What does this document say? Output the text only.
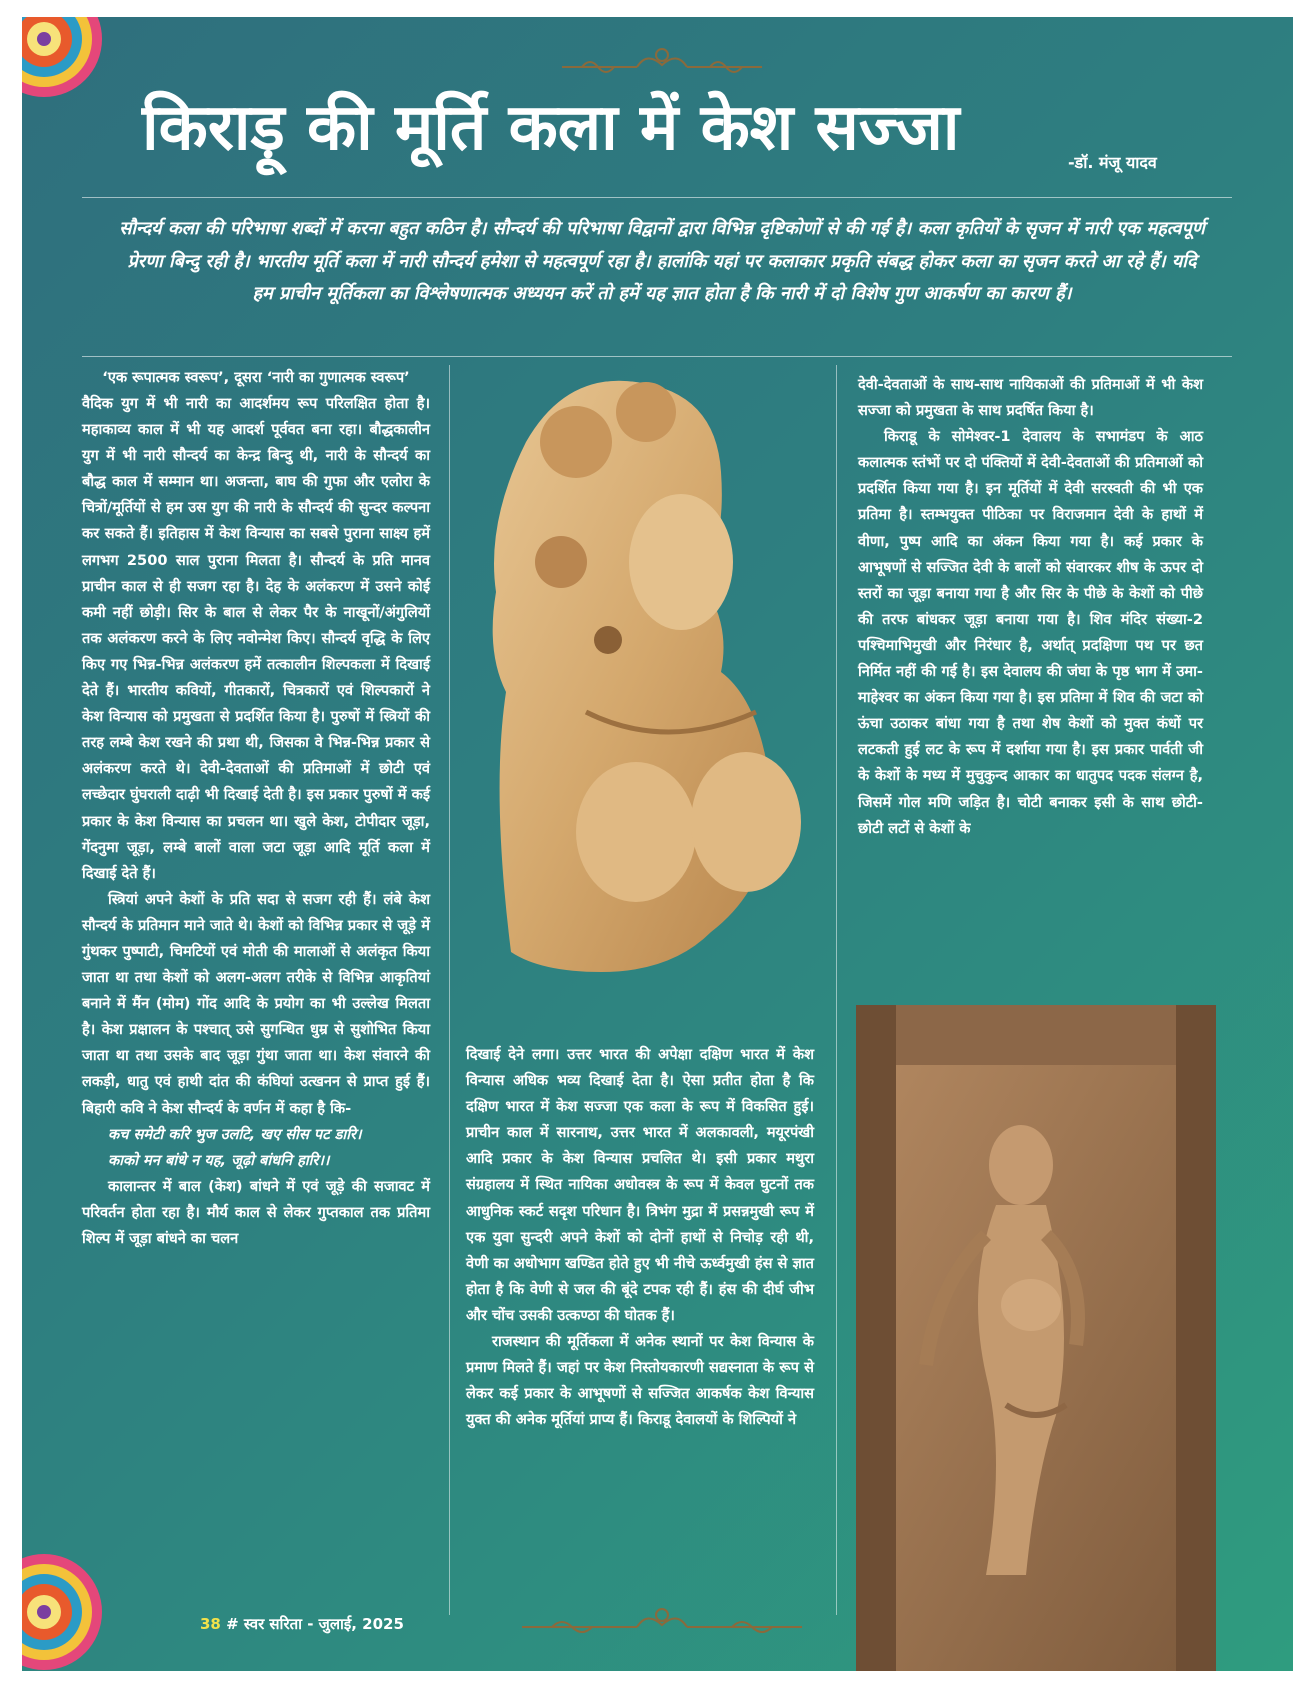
किराड़ू की मूर्ति कला में केश सज्जा	-डॉ. मंजू यादव

सौन्दर्य कला की परिभाषा शब्दों में करना बहुत कठिन है। सौन्दर्य की परिभाषा विद्वानों द्वारा विभिन्न दृष्टिकोणों से की गई है। कला कृतियों के सृजन में नारी एक महत्वपूर्ण प्रेरणा बिन्दु रही है। भारतीय मूर्ति कला में नारी सौन्दर्य हमेशा से महत्वपूर्ण रहा है। हालांकि यहां पर कलाकार प्रकृति संबद्ध होकर कला का सृजन करते आ रहे हैं। यदि हम प्राचीन मूर्तिकला का विश्लेषणात्मक अध्ययन करें तो हमें यह ज्ञात होता है कि नारी में दो विशेष गुण आकर्षण का कारण हैं।

‘एक रूपात्मक स्वरूप’, दूसरा ‘नारी का गुणात्मक स्वरूप’

वैदिक युग में भी नारी का आदर्शमय रूप परिलक्षित होता है। महाकाव्य काल में भी यह आदर्श पूर्ववत बना रहा। बौद्धकालीन युग में भी नारी सौन्दर्य का केन्द्र बिन्दु थी, नारी के सौन्दर्य का बौद्ध काल में सम्मान था। अजन्ता, बाघ की गुफा और एलोरा के चित्रों/मूर्तियों से हम उस युग की नारी के सौन्दर्य की सुन्दर कल्पना कर सकते हैं। इतिहास में केश विन्यास का सबसे पुराना साक्ष्य हमें लगभग 2500 साल पुराना मिलता है। सौन्दर्य के प्रति मानव प्राचीन काल से ही सजग रहा है। देह के अलंकरण में उसने कोई कमी नहीं छोड़ी। सिर के बाल से लेकर पैर के नाखूनों/अंगुलियों तक अलंकरण करने के लिए नवोन्मेश किए। सौन्दर्य वृद्धि के लिए किए गए भिन्न-भिन्न अलंकरण हमें तत्कालीन शिल्पकला में दिखाई देते हैं। भारतीय कवियों, गीतकारों, चित्रकारों एवं शिल्पकारों ने केश विन्यास को प्रमुखता से प्रदर्शित किया है। पुरुषों में स्त्रियों की तरह लम्बे केश रखने की प्रथा थी, जिसका वे भिन्न-भिन्न प्रकार से अलंकरण करते थे। देवी-देवताओं की प्रतिमाओं में छोटी एवं लच्छेदार घुंघराली दाढ़ी भी दिखाई देती है। इस प्रकार पुरुषों में कई प्रकार के केश विन्यास का प्रचलन था। खुले केश, टोपीदार जूड़ा, गेंदनुमा जूड़ा, लम्बे बालों वाला जटा जूड़ा आदि मूर्ति कला में दिखाई देते हैं।

स्त्रियां अपने केशों के प्रति सदा से सजग रही हैं। लंबे केश सौन्दर्य के प्रतिमान माने जाते थे। केशों को विभिन्न प्रकार से जूड़े में गुंथकर पुष्पाटी, चिमटियों एवं मोती की मालाओं से अलंकृत किया जाता था तथा केशों को अलग-अलग तरीके से विभिन्न आकृतियां बनाने में मैंन (मोम) गोंद आदि के प्रयोग का भी उल्लेख मिलता है। केश प्रक्षालन के पश्चात् उसे सुगन्धित धुम्र से सुशोभित किया जाता था तथा उसके बाद जूड़ा गुंथा जाता था। केश संवारने की लकड़ी, धातु एवं हाथी दांत की कंघियां उत्खनन से प्राप्त हुई हैं। बिहारी कवि ने केश सौन्दर्य के वर्णन में कहा है कि-

कच समेटी करि भुज उलटि, खए सीस पट डारि।

काको मन बांधे न यह, जूढ़ो बांधनि हारि।।

कालान्तर में बाल (केश) बांधने में एवं जूड़े की सजावट में परिवर्तन होता रहा है। मौर्य काल से लेकर गुप्तकाल तक प्रतिमा शिल्प में जूड़ा बांधने का चलन

दिखाई देने लगा। उत्तर भारत की अपेक्षा दक्षिण भारत में केश विन्यास अधिक भव्य दिखाई देता है। ऐसा प्रतीत होता है कि दक्षिण भारत में केश सज्जा एक कला के रूप में विकसित हुई। प्राचीन काल में सारनाथ, उत्तर भारत में अलकावली, मयूरपंखी आदि प्रकार के केश विन्यास प्रचलित थे। इसी प्रकार मथुरा संग्रहालय में स्थित नायिका अधोवस्त्र के रूप में केवल घुटनों तक आधुनिक स्कर्ट सदृश परिधान है। त्रिभंग मुद्रा में प्रसन्नमुखी रूप में एक युवा सुन्दरी अपने केशों को दोनों हाथों से निचोड़ रही थी, वेणी का अधोभाग खण्डित होते हुए भी नीचे ऊर्ध्वमुखी हंस से ज्ञात होता है कि वेणी से जल की बूंदे टपक रही हैं। हंस की दीर्घ जीभ और चोंच उसकी उत्कण्ठा की घोतक हैं।

राजस्थान की मूर्तिकला में अनेक स्थानों पर केश विन्यास के प्रमाण मिलते हैं। जहां पर केश निस्तोयकारणी सद्यस्नाता के रूप से लेकर कई प्रकार के आभूषणों से सज्जित आकर्षक केश विन्यास युक्त की अनेक मूर्तियां प्राप्य हैं। किराडू देवालयों के शिल्पियों ने

देवी-देवताओं के साथ-साथ नायिकाओं की प्रतिमाओं में भी केश सज्जा को प्रमुखता के साथ प्रदर्षित किया है।

किराडू के सोमेश्वर-1 देवालय के सभामंडप के आठ कलात्मक स्तंभों पर दो पंक्तियों में देवी-देवताओं की प्रतिमाओं को प्रदर्शित किया गया है। इन मूर्तियों में देवी सरस्वती की भी एक प्रतिमा है। स्तम्भयुक्त पीठिका पर विराजमान देवी के हाथों में वीणा, पुष्प आदि का अंकन किया गया है। कई प्रकार के आभूषणों से सज्जित देवी के बालों को संवारकर शीष के ऊपर दो स्तरों का जूड़ा बनाया गया है और सिर के पीछे के केशों को पीछे की तरफ बांधकर जूड़ा बनाया गया है। शिव मंदिर संख्या-2 पश्चिमाभिमुखी और निरंधार है, अर्थात् प्रदक्षिणा पथ पर छत निर्मित नहीं की गई है। इस देवालय की जंघा के पृष्ठ भाग में उमा-माहेश्वर का अंकन किया गया है। इस प्रतिमा में शिव की जटा को ऊंचा उठाकर बांधा गया है तथा शेष केशों को मुक्त कंधों पर लटकती हुई लट के रूप में दर्शाया गया है। इस प्रकार पार्वती जी के केशों के मध्य में मुचुकुन्द आकार का धातुपद पदक संलग्न है, जिसमें गोल मणि जड़ित है। चोटी बनाकर इसी के साथ छोटी-छोटी लटों से केशों के

38 # स्वर सरिता - जुलाई, 2025
